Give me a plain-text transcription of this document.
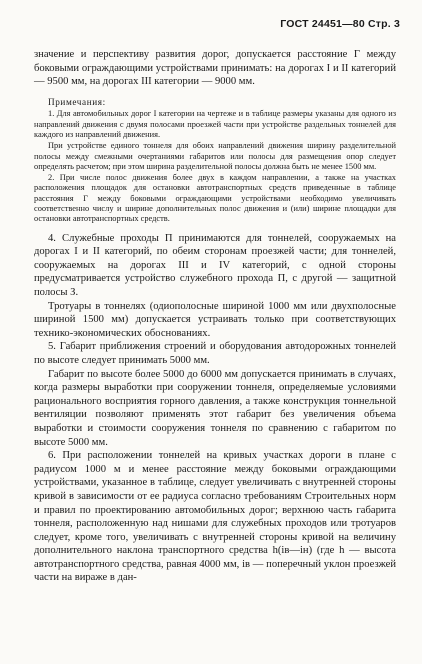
ГОСТ 24451—80 Стр. 3

значение и перспективу развития дорог, допускается расстояние Г между боковыми ограждающими устройствами принимать: на дорогах I и II категорий — 9500 мм, на дорогах III категории — 9000 мм.

Примечания:

1. Для автомобильных дорог I категории на чертеже и в таблице размеры указаны для одного из направлений движения с двумя полосами проезжей части при устройстве раздельных тоннелей для каждого из направлений движения.

При устройстве единого тоннеля для обоих направлений движения ширину разделительной полосы между смежными очертаниями габаритов или полосы для размещения опор следует определять расчетом; при этом ширина разделительной полосы должна быть не менее 1500 мм.

2. При числе полос движения более двух в каждом направлении, а также на участках расположения площадок для остановки автотранспортных средств приведенные в таблице расстояния Г между боковыми ограждающими устройствами необходимо увеличивать соответственно числу и ширине дополнительных полос движения и (или) ширине площадки для остановки автотранспортных средств.

4. Служебные проходы П принимаются для тоннелей, сооружаемых на дорогах I и II категорий, по обеим сторонам проезжей части; для тоннелей, сооружаемых на дорогах III и IV категорий, с одной стороны предусматривается устройство служебного прохода П, с другой — защитной полосы З.

Тротуары в тоннелях (одиополосные шириной 1000 мм или двухполосные шириной 1500 мм) допускается устраивать только при соответствующих технико-экономических обоснованиях.

5. Габарит приближения строений и оборудования автодорожных тоннелей по высоте следует принимать 5000 мм.

Габарит по высоте более 5000 до 6000 мм допускается принимать в случаях, когда размеры выработки при сооружении тоннеля, определяемые условиями рационального восприятия горного давления, а также конструкция тоннельной вентиляции позволяют применять этот габарит без увеличения объема выработки и стоимости сооружения тоннеля по сравнению с габаритом по высоте 5000 мм.

6. При расположении тоннелей на кривых участках дороги в плане с радиусом 1000 м и менее расстояние между боковыми ограждающими устройствами, указанное в таблице, следует увеличивать с внутренней стороны кривой в зависимости от ее радиуса согласно требованиям Строительных норм и правил по проектированию автомобильных дорог; верхнюю часть габарита тоннеля, расположенную над нишами для служебных проходов или тротуаров следует, кроме того, увеличивать с внутренней стороны кривой на величину дополнительного наклона транспортного средства h(iв—iн) (где h — высота автотранспортного средства, равная 4000 мм, iв — поперечный уклон проезжей части на вираже в дан-
